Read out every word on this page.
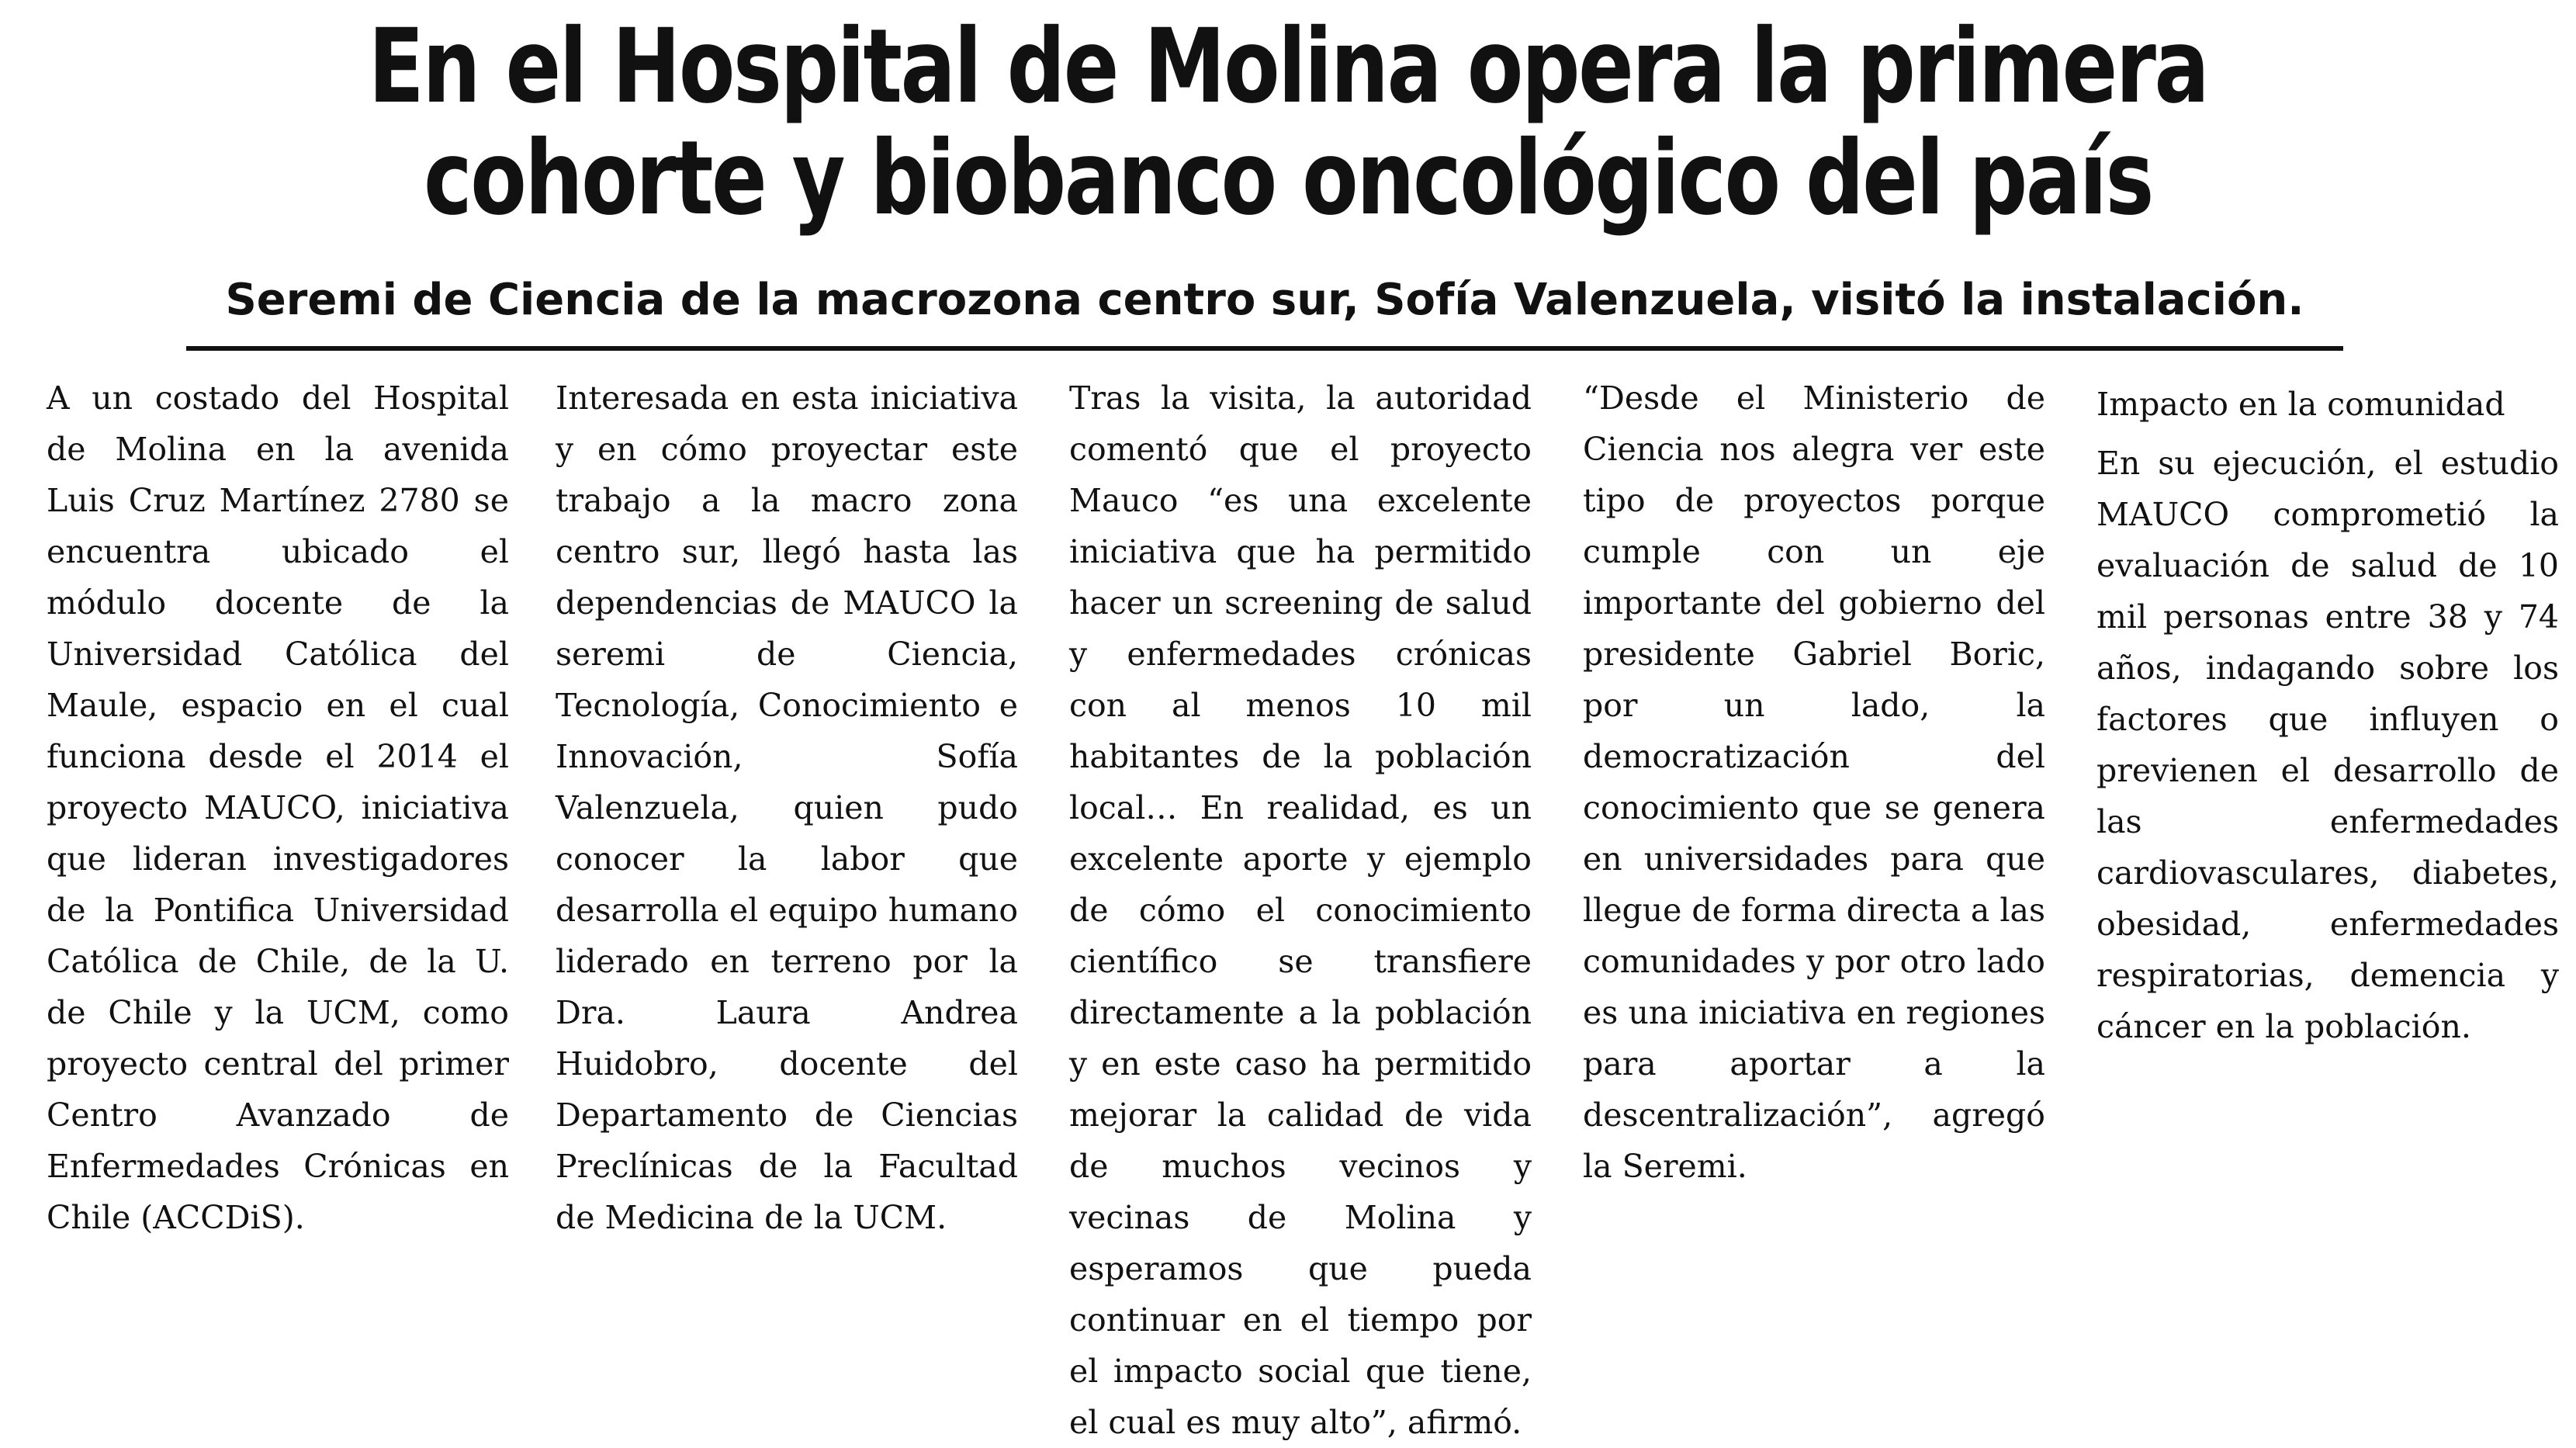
En el Hospital de Molina opera la primera cohorte y biobanco oncológico del país
Seremi de Ciencia de la macrozona centro sur, Sofía Valenzuela, visitó la instalación.

A un costado del Hospital de Molina en la avenida Luis Cruz Martínez 2780 se encuentra ubicado el módulo docente de la Universidad Católica del Maule, espacio en el cual funciona desde el 2014 el proyecto MAUCO, iniciativa que lideran investigadores de la Pontifica Universidad Católica de Chile, de la U. de Chile y la UCM, como proyecto central del primer Centro Avanzado de Enfermedades Crónicas en Chile (ACCDiS).

Interesada en esta iniciativa y en cómo proyectar este trabajo a la macro zona centro sur, llegó hasta las dependencias de MAUCO la seremi de Ciencia, Tecnología, Conocimiento e Innovación, Sofía Valenzuela, quien pudo conocer la labor que desarrolla el equipo humano liderado en terreno por la Dra. Laura Andrea Huidobro, docente del Departamento de Ciencias Preclínicas de la Facultad de Medicina de la UCM.

Tras la visita, la autoridad comentó que el proyecto Mauco “es una excelente iniciativa que ha permitido hacer un screening de salud y enfermedades crónicas con al menos 10 mil habitantes de la población local… En realidad, es un excelente aporte y ejemplo de cómo el conocimiento científico se transfiere directamente a la población y en este caso ha permitido mejorar la calidad de vida de muchos vecinos y vecinas de Molina y esperamos que pueda continuar en el tiempo por el impacto social que tiene, el cual es muy alto”, afirmó.

“Desde el Ministerio de Ciencia nos alegra ver este tipo de proyectos porque cumple con un eje importante del gobierno del presidente Gabriel Boric, por un lado, la democratización del conocimiento que se genera en universidades para que llegue de forma directa a las comunidades y por otro lado es una iniciativa en regiones para aportar a la descentralización”, agregó la Seremi.

Impacto en la comunidad

En su ejecución, el estudio MAUCO comprometió la evaluación de salud de 10 mil personas entre 38 y 74 años, indagando sobre los factores que influyen o previenen el desarrollo de las enfermedades cardiovasculares, diabetes, obesidad, enfermedades respiratorias, demencia y cáncer en la población.
